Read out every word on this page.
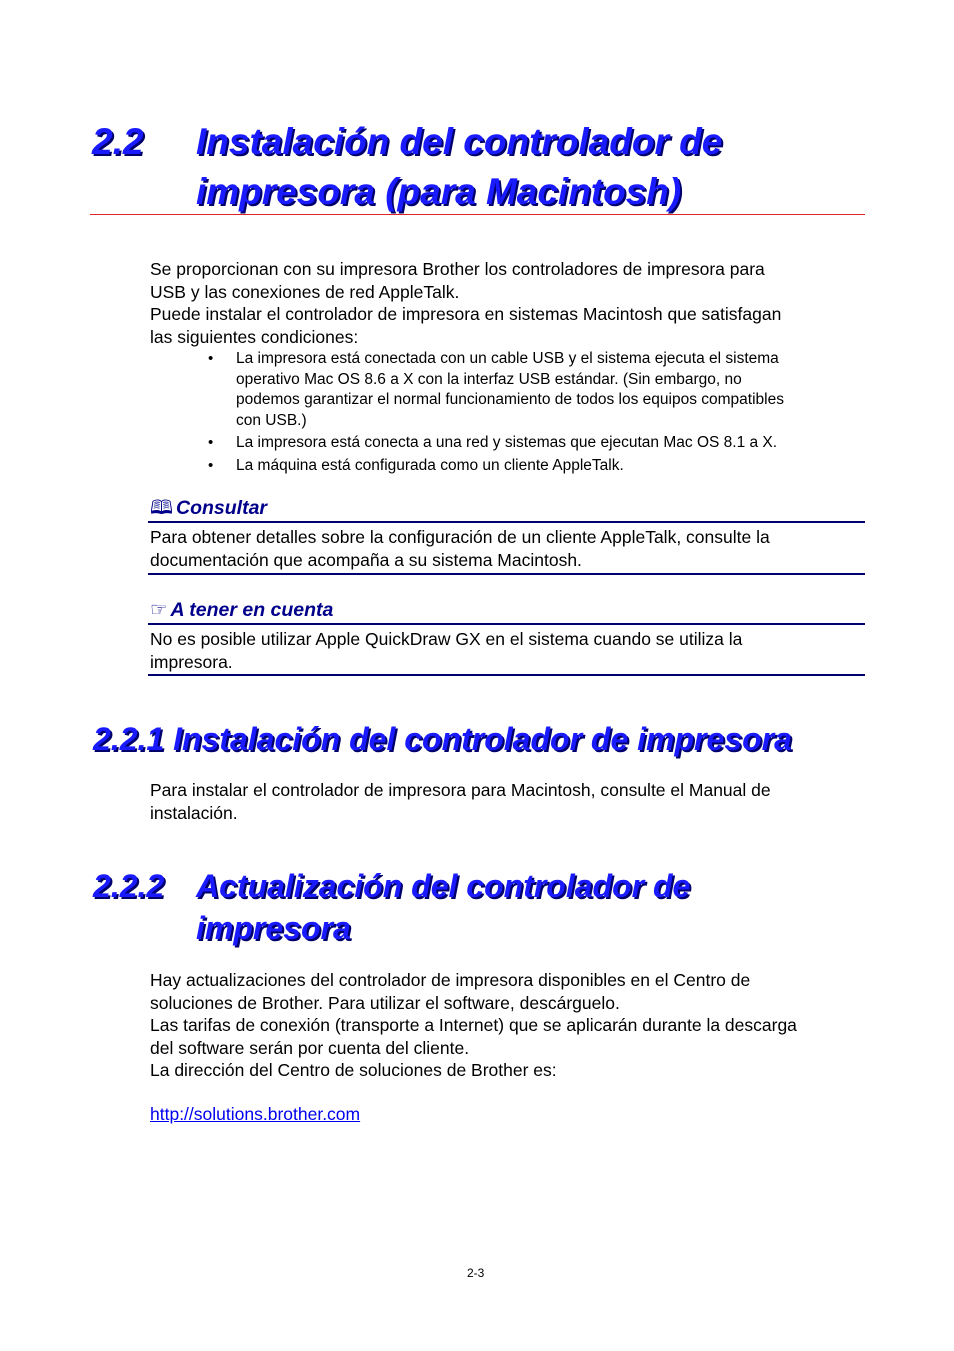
2.2 Instalación del controlador de
impresora (para Macintosh)
Se proporcionan con su impresora Brother los controladores de impresora para
USB y las conexiones de red AppleTalk.
Puede instalar el controlador de impresora en sistemas Macintosh que satisfagan
las siguientes condiciones:
• La impresora está conectada con un cable USB y el sistema ejecuta el sistema
operativo Mac OS 8.6 a X con la interfaz USB estándar. (Sin embargo, no
podemos garantizar el normal funcionamiento de todos los equipos compatibles
con USB.)
• La impresora está conecta a una red y sistemas que ejecutan Mac OS 8.1 a X.
• La máquina está configurada como un cliente AppleTalk.
🕮 Consultar
Para obtener detalles sobre la configuración de un cliente AppleTalk, consulte la
documentación que acompaña a su sistema Macintosh.
☞ A tener en cuenta
No es posible utilizar Apple QuickDraw GX en el sistema cuando se utiliza la
impresora.
2.2.1 Instalación del controlador de impresora
Para instalar el controlador de impresora para Macintosh, consulte el Manual de
instalación.
2.2.2 Actualización del controlador de
impresora
Hay actualizaciones del controlador de impresora disponibles en el Centro de
soluciones de Brother. Para utilizar el software, descárguelo.
Las tarifas de conexión (transporte a Internet) que se aplicarán durante la descarga
del software serán por cuenta del cliente.
La dirección del Centro de soluciones de Brother es:
http://solutions.brother.com
2-3
